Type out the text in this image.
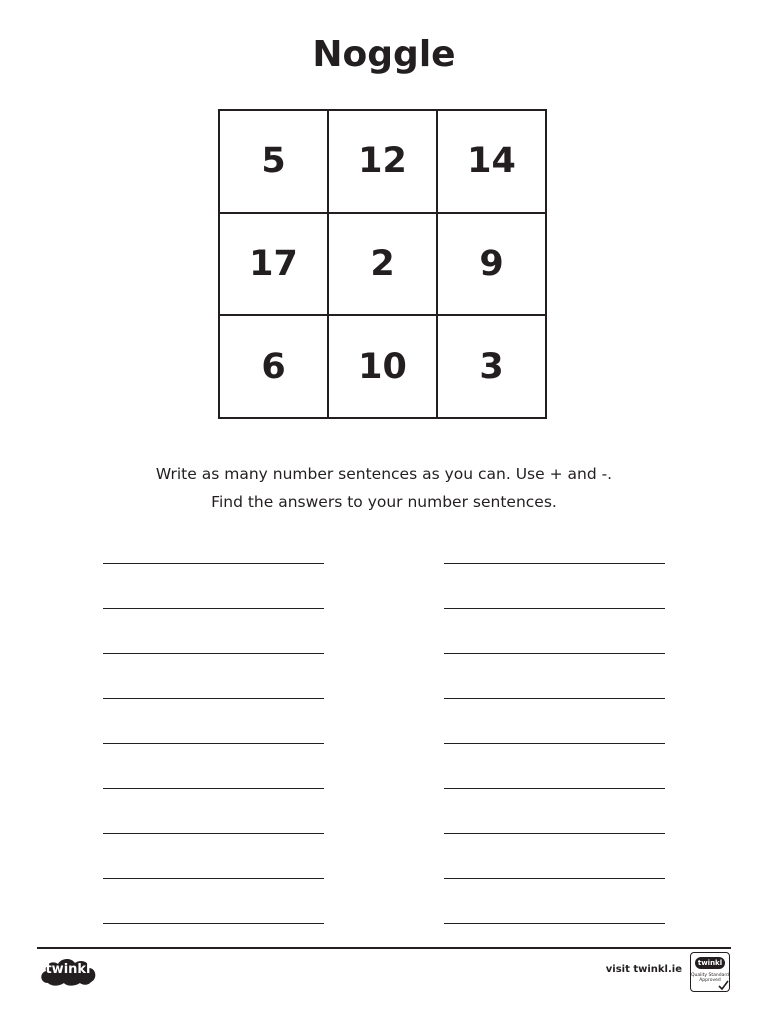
Noggle
5	12	14
17	2	9
6	10	3
Write as many number sentences as you can. Use + and -.
Find the answers to your number sentences.
twinkl	visit twinkl.ie
twinkl
Quality Standard Approved
